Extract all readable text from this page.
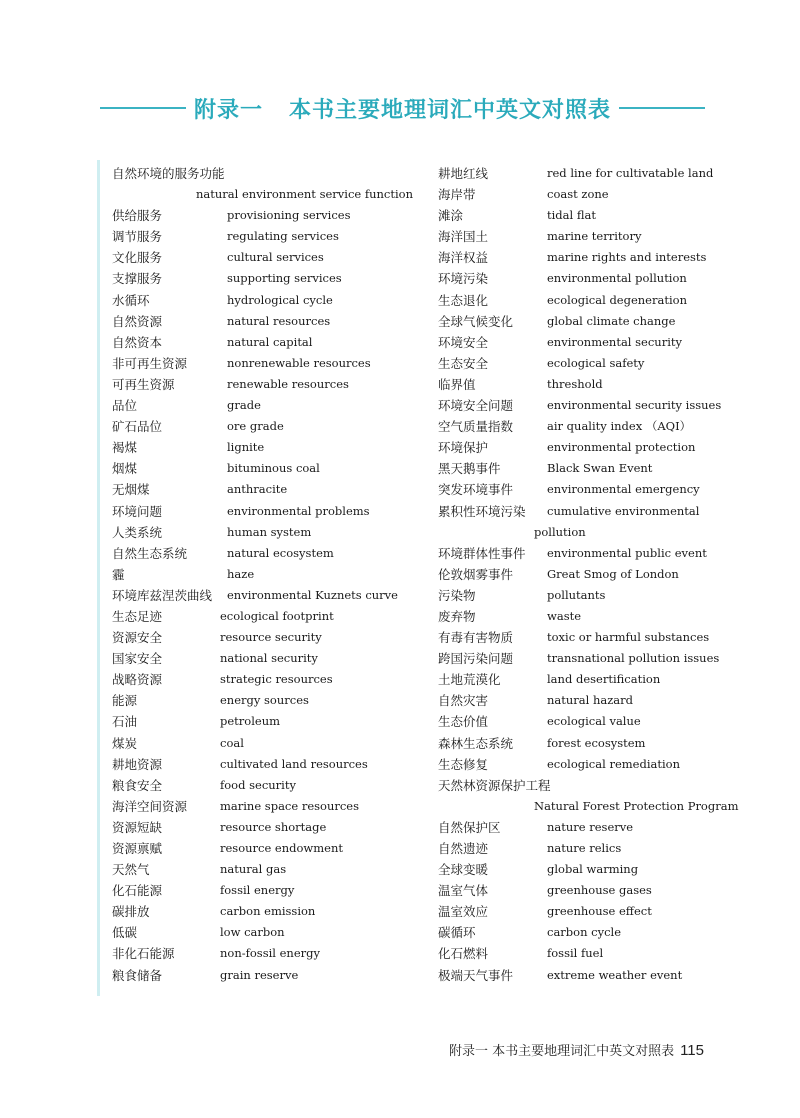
附录一 本书主要地理词汇中英文对照表
自然环境的服务功能
natural environment service function
供给服务	provisioning services
调节服务	regulating services
文化服务	cultural services
支撑服务	supporting services
水循环	hydrological cycle
自然资源	natural resources
自然资本	natural capital
非可再生资源	nonrenewable resources
可再生资源	renewable resources
品位	grade
矿石品位	ore grade
褐煤	lignite
烟煤	bituminous coal
无烟煤	anthracite
环境问题	environmental problems
人类系统	human system
自然生态系统	natural ecosystem
霾	haze
环境库兹涅茨曲线 environmental Kuznets curve
生态足迹	ecological footprint
资源安全	resource security
国家安全	national security
战略资源	strategic resources
能源	energy sources
石油	petroleum
煤炭	coal
耕地资源	cultivated land resources
粮食安全	food security
海洋空间资源	marine space resources
资源短缺	resource shortage
资源禀赋	resource endowment
天然气	natural gas
化石能源	fossil energy
碳排放	carbon emission
低碳	low carbon
非化石能源	non-fossil energy
粮食储备	grain reserve
耕地红线	red line for cultivatable land
海岸带	coast zone
滩涂	tidal flat
海洋国土	marine territory
海洋权益	marine rights and interests
环境污染	environmental pollution
生态退化	ecological degeneration
全球气候变化	global climate change
环境安全	environmental security
生态安全	ecological safety
临界值	threshold
环境安全问题	environmental security issues
空气质量指数	air quality index （AQI）
环境保护	environmental protection
黑天鹅事件	Black Swan Event
突发环境事件	environmental emergency
累积性环境污染 cumulative environmental
pollution
环境群体性事件 environmental public event
伦敦烟雾事件	Great Smog of London
污染物	pollutants
废弃物	waste
有毒有害物质	toxic or harmful substances
跨国污染问题	transnational pollution issues
土地荒漠化	land desertification
自然灾害	natural hazard
生态价值	ecological value
森林生态系统	forest ecosystem
生态修复	ecological remediation
天然林资源保护工程
Natural Forest Protection Program
自然保护区	nature reserve
自然遗迹	nature relics
全球变暖	global warming
温室气体	greenhouse gases
温室效应	greenhouse effect
碳循环	carbon cycle
化石燃料	fossil fuel
极端天气事件	extreme weather event
附录一 本书主要地理词汇中英文对照表 115
